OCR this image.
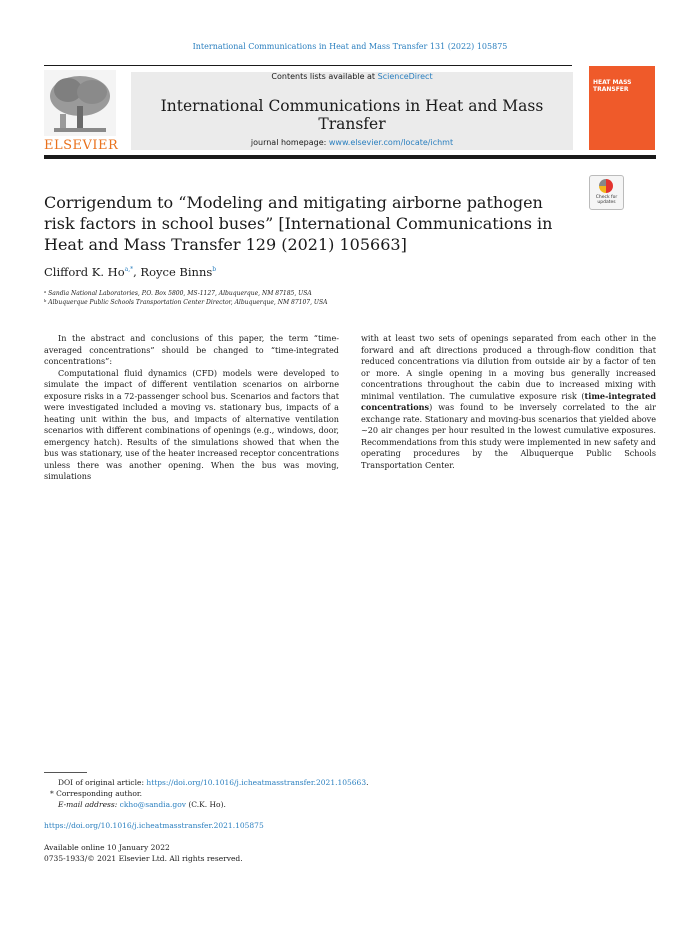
International Communications in Heat and Mass Transfer 131 (2022) 105875
ELSEVIER
Contents lists available at ScienceDirect
International Communications in Heat and Mass Transfer
journal homepage: www.elsevier.com/locate/ichmt
HEAT MASS TRANSFER
Corrigendum to “Modeling and mitigating airborne pathogen risk factors in school buses” [International Communications in Heat and Mass Transfer 129 (2021) 105663]
Check for updates
Clifford K. $Ho^{a,*}$, Royce Binns$^b$
ᵃ Sandia National Laboratories, P.O. Box 5800, MS-1127, Albuquerque, NM 87185, USA
ᵇ Albuquerque Public Schools Transportation Center Director, Albuquerque, NM 87107, USA

In the abstract and conclusions of this paper, the term “time-averaged concentrations” should be changed to “time-integrated concentrations”:

Computational fluid dynamics (CFD) models were developed to simulate the impact of different ventilation scenarios on airborne exposure risks in a 72-passenger school bus. Scenarios and factors that were investigated included a moving vs. stationary bus, impacts of a heating unit within the bus, and impacts of alternative ventilation scenarios with different combinations of openings (e.g., windows, door, emergency hatch). Results of the simulations showed that when the bus was stationary, use of the heater increased receptor concentrations unless there was another opening. When the bus was moving, simulations

with at least two sets of openings separated from each other in the forward and aft directions produced a through-flow condition that reduced concentrations via dilution from outside air by a factor of ten or more. A single opening in a moving bus generally increased concentrations throughout the cabin due to increased mixing with minimal ventilation. The cumulative exposure risk (time-integrated concentrations) was found to be inversely correlated to the air exchange rate. Stationary and moving-bus scenarios that yielded above ~20 air changes per hour resulted in the lowest cumulative exposures. Recommendations from this study were implemented in new safety and operating procedures by the Albuquerque Public Schools Transportation Center.

DOI of original article: https://doi.org/10.1016/j.icheatmasstransfer.2021.105663.
* Corresponding author.
E-mail address: ckho@sandia.gov (C.K. Ho).
https://doi.org/10.1016/j.icheatmasstransfer.2021.105875
Available online 10 January 2022
0735-1933/© 2021 Elsevier Ltd. All rights reserved.
